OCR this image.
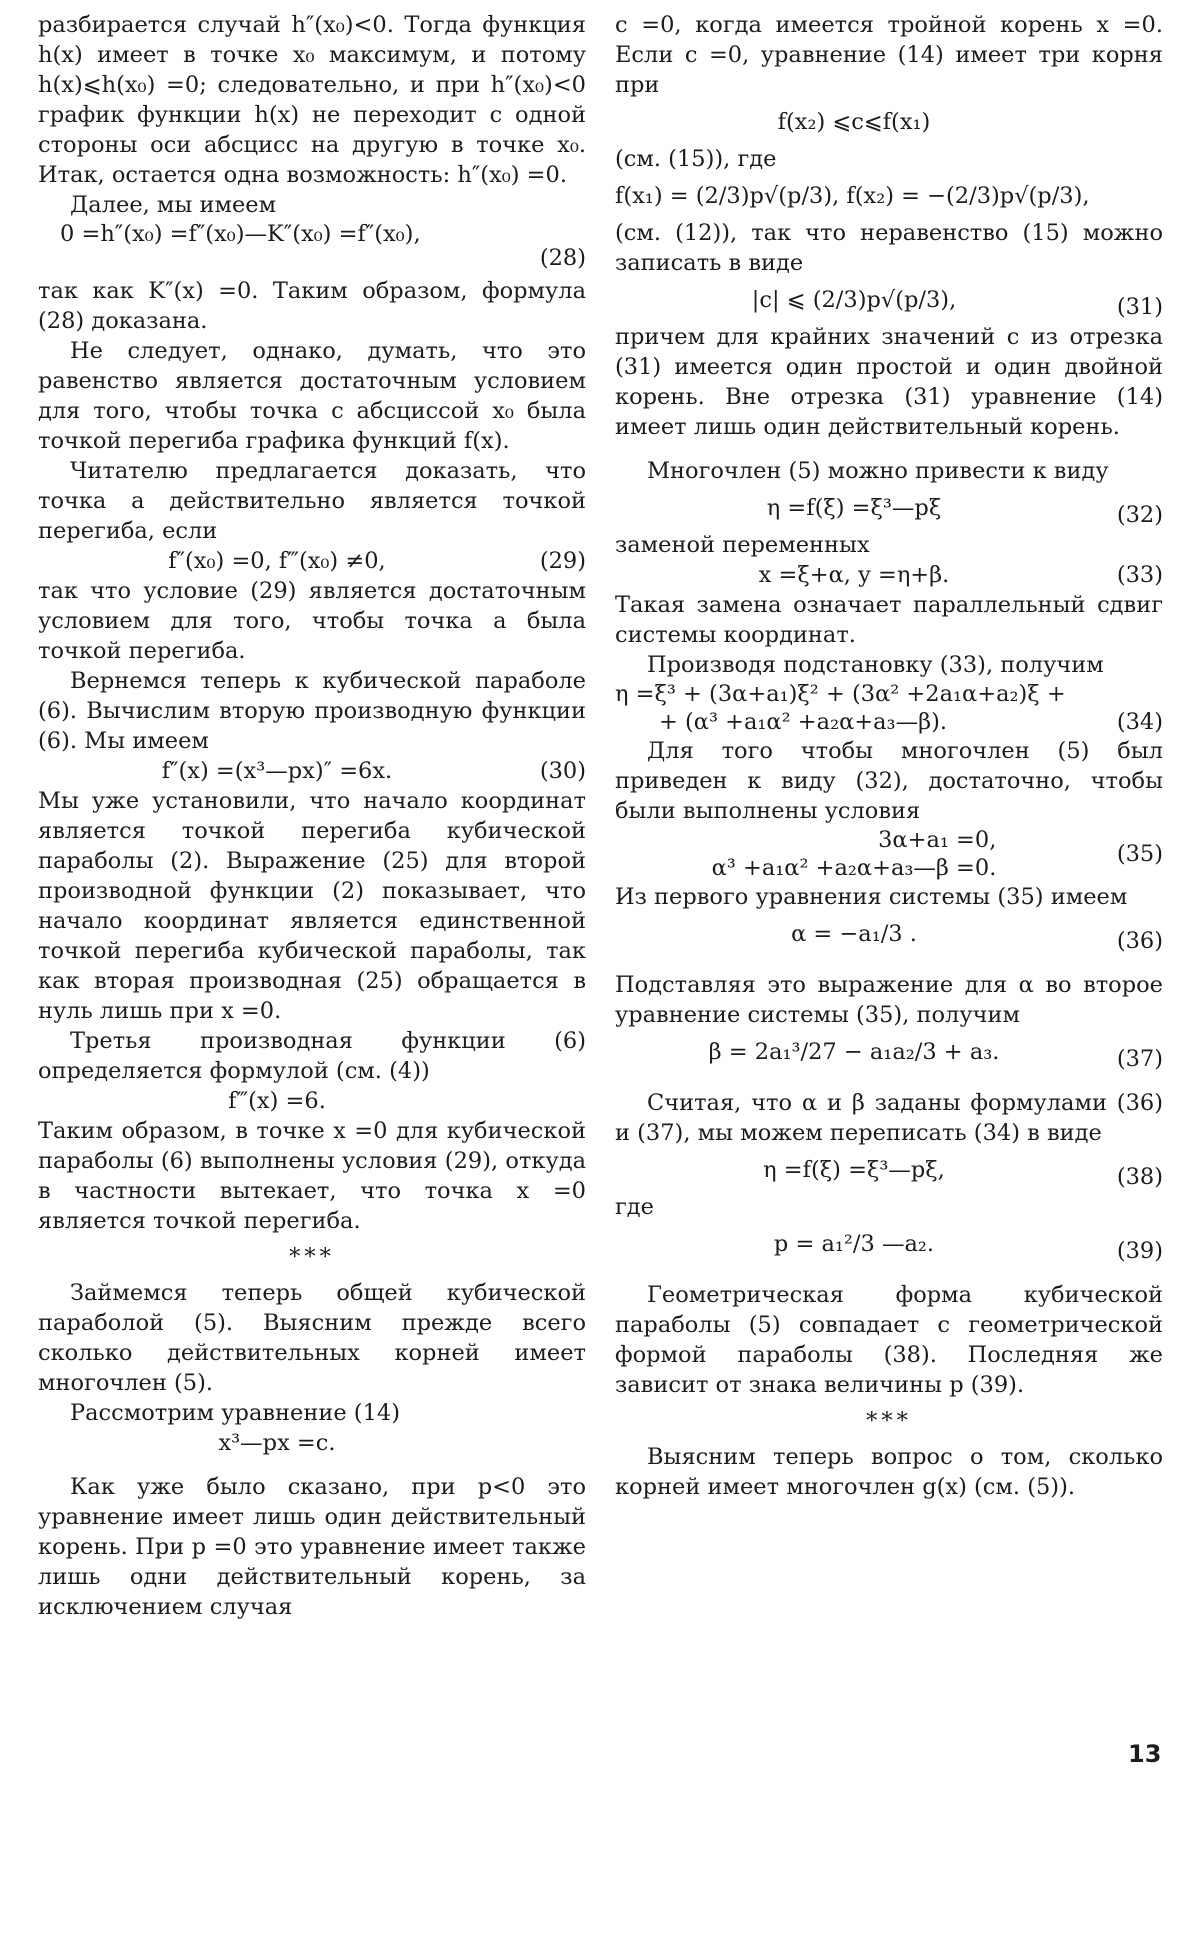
разбирается случай h″(x₀)<0. Тогда функция h(x) имеет в точке x₀ максимум, и потому h(x)⩽h(x₀) =0; следовательно, и при h″(x₀)<0 график функции h(x) не переходит с одной стороны оси абсцисс на другую в точке x₀. Итак, остается одна возможность: h″(x₀) =0.

Далее, мы имеем

0 =h″(x₀) =f″(x₀)—K″(x₀) =f″(x₀),
(28)

так как K″(x) =0. Таким образом, формула (28) доказана.

Не следует, однако, думать, что это равенство является достаточным условием для того, чтобы точка с абсциссой x₀ была точкой перегиба графика функций f(x).

Читателю предлагается доказать, что точка a действительно является точкой перегиба, если

f″(x₀) =0, f‴(x₀) ≠0,	(29)

так что условие (29) является достаточным условием для того, чтобы точка a была точкой перегиба.

Вернемся теперь к кубической параболе (6). Вычислим вторую производную функции (6). Мы имеем

f″(x) =(x³—px)″ =6x.	(30)

Мы уже установили, что начало координат является точкой перегиба кубической параболы (2). Выражение (25) для второй производной функции (2) показывает, что начало координат является единственной точкой перегиба кубической параболы, так как вторая производная (25) обращается в нуль лишь при x =0.

Третья производная функции (6) определяется формулой (см. (4))

f‴(x) =6.

Таким образом, в точке x =0 для кубической параболы (6) выполнены условия (29), откуда в частности вытекает, что точка x =0 является точкой перегиба.

***

Займемся теперь общей кубической параболой (5). Выясним прежде всего сколько действительных корней имеет многочлен (5).

Рассмотрим уравнение (14)

x³—px =c.

Как уже было сказано, при p<0 это уравнение имеет лишь один действительный корень. При p =0 это уравнение имеет также лишь одни действительный корень, за исключением случая

c =0, когда имеется тройной корень x =0. Если c =0, уравнение (14) имеет три корня при

f(x₂) ⩽c⩽f(x₁)

(см. (15)), где

f(x₁) = (2/3)p√(p/3), f(x₂) = −(2/3)p√(p/3),

(см. (12)), так что неравенство (15) можно записать в виде

|c| ⩽ (2/3)p√(p/3),	(31)

причем для крайних значений c из отрезка (31) имеется один простой и один двойной корень. Вне отрезка (31) уравнение (14) имеет лишь один действительный корень.

Многочлен (5) можно привести к виду

η =f(ξ) =ξ³—pξ	(32)

заменой переменных

x =ξ+α, y =η+β.	(33)

Такая замена означает параллельный сдвиг системы координат.

Производя подстановку (33), получим

η =ξ³ + (3α+a₁)ξ² + (3α² +2a₁α+a₂)ξ +
+ (α³ +a₁α² +a₂α+a₃—β).	(34)

Для того чтобы многочлен (5) был приведен к виду (32), достаточно, чтобы были выполнены условия

3α+a₁ =0,
α³ +a₁α² +a₂α+a₃—β =0.
(35)

Из первого уравнения системы (35) имеем

α = −a₁/3 .	(36)

Подставляя это выражение для α во второе уравнение системы (35), получим

β = 2a₁³/27 − a₁a₂/3 + a₃.	(37)

Считая, что α и β заданы формулами (36) и (37), мы можем переписать (34) в виде

η =f(ξ) =ξ³—pξ,	(38)

где

p = a₁²/3 —a₂.	(39)

Геометрическая форма кубической параболы (5) совпадает с геометрической формой параболы (38). Последняя же зависит от знака величины p (39).

***

Выясним теперь вопрос о том, сколько корней имеет многочлен g(x) (см. (5)).

13
